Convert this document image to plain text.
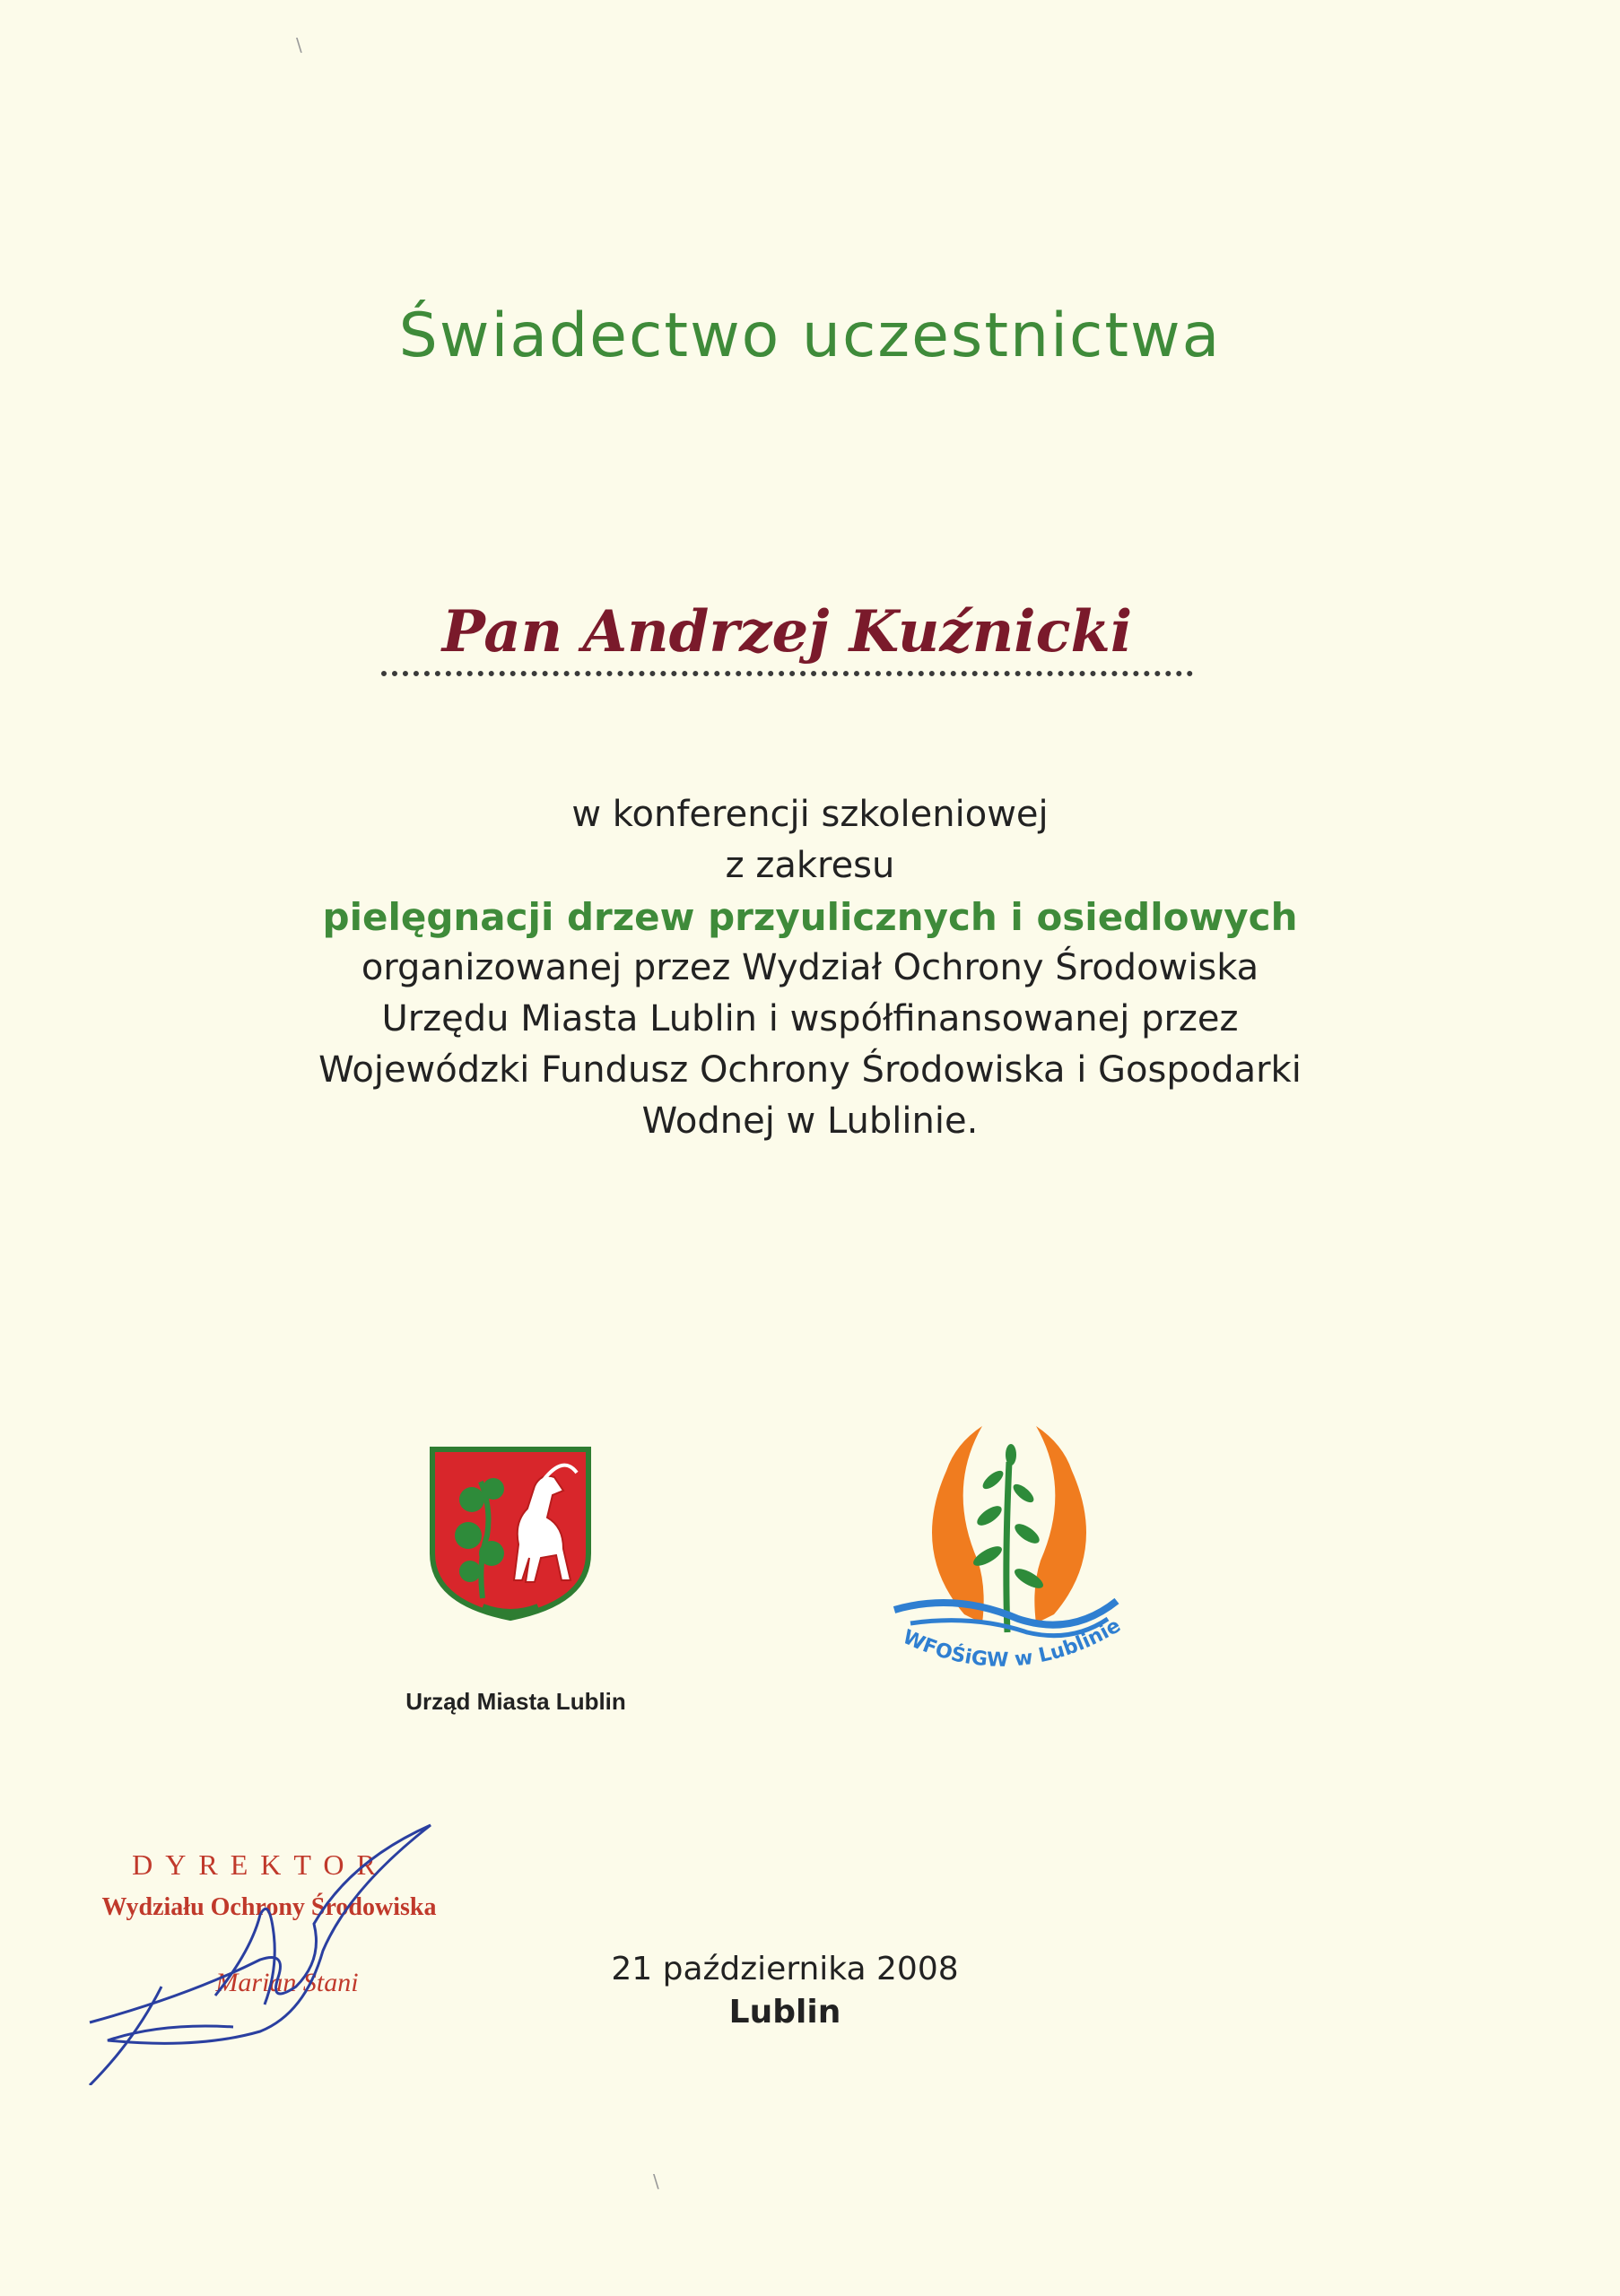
\
Świadectwo uczestnictwa
Pan Andrzej Kuźnicki
w konferencji szkoleniowej
z zakresu
pielęgnacji drzew przyulicznych i osiedlowych
organizowanej przez Wydział Ochrony Środowiska
Urzędu Miasta Lublin i współfinansowanej przez
Wojewódzki Fundusz Ochrony Środowiska i Gospodarki
Wodnej w Lublinie.
Urząd Miasta Lublin
WFOŚiGW w Lublinie
DYREKTOR
Wydziału Ochrony Środowiska
Marian Stani	21 października 2008
Lublin
\
